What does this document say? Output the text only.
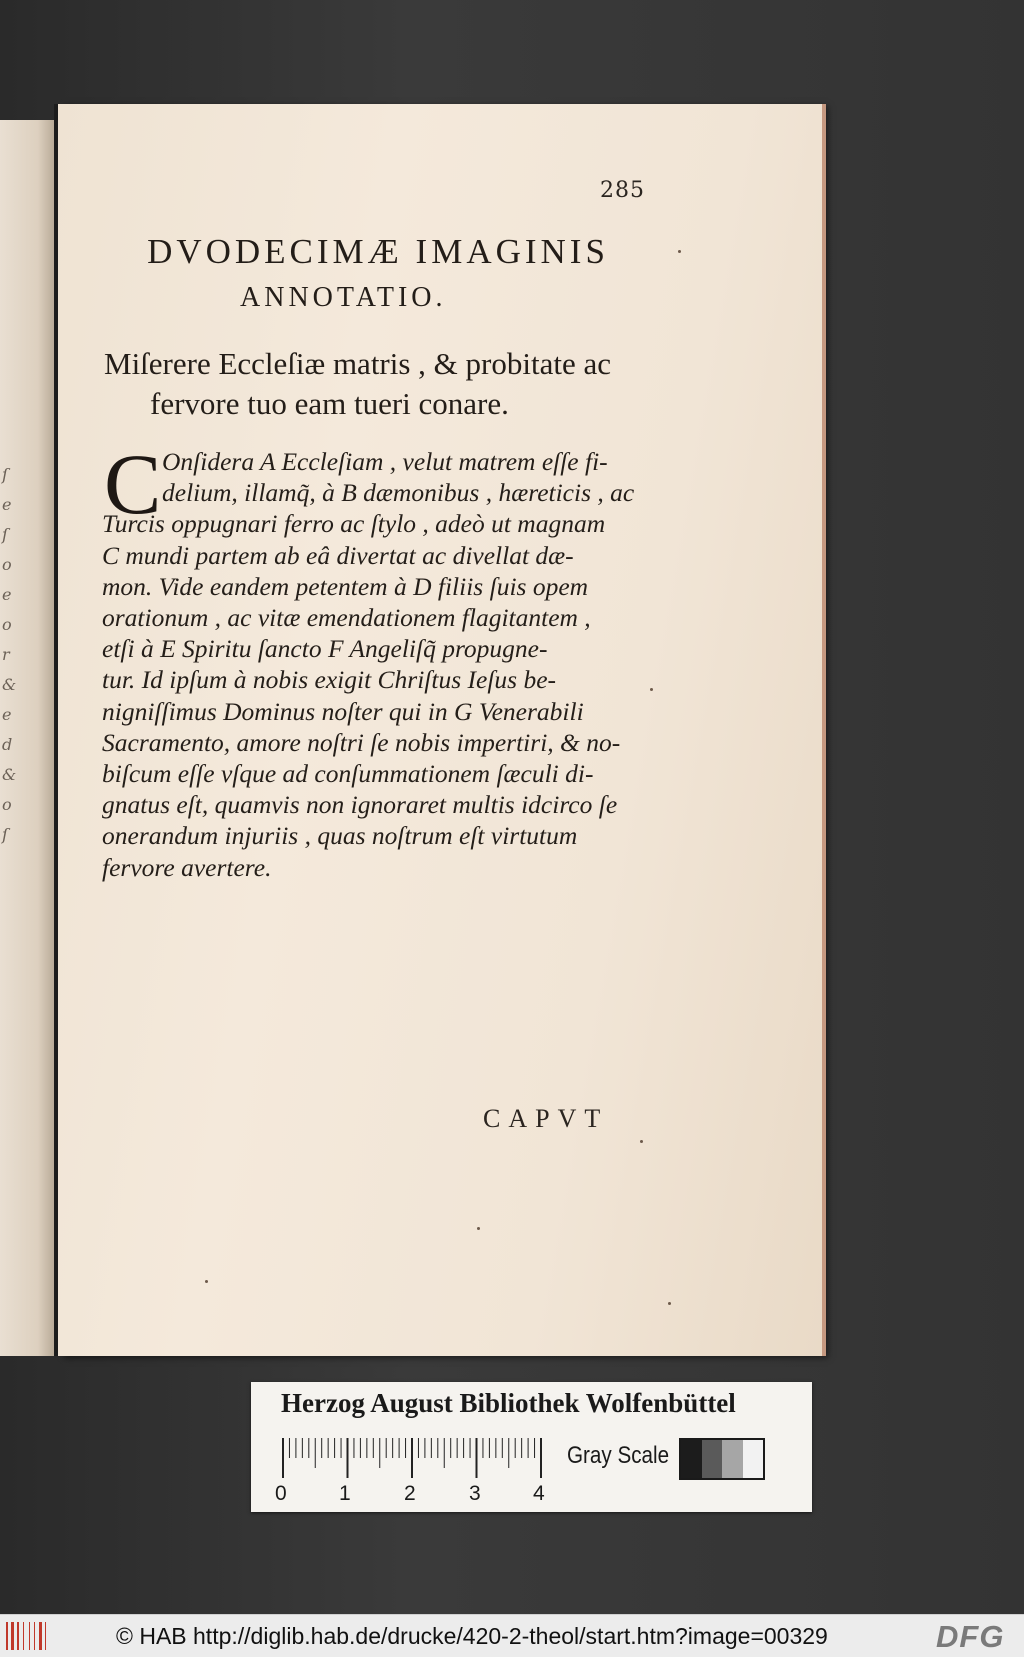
ſ
e
ſ
o
e
o
r
&
e
d
&
o
ſ
285
DVODECIMÆ IMAGINIS
ANNOTATIO.
Miſerere Eccleſiæ matris , & probitate ac
fervore tuo eam tueri conare.
C Onſidera A Eccleſiam , velut matrem eſſe fi-
delium, illamq̃, à B dæmonibus , hæreticis , ac
Turcis oppugnari ferro ac ſtylo , adeò ut magnam
C mundi partem ab eâ divertat ac divellat dæ-
mon. Vide eandem petentem à D filiis ſuis opem
orationum , ac vitæ emendationem flagitantem ,
etſi à E Spiritu ſancto F Angeliſq̃ propugne-
tur. Id ipſum à nobis exigit Chriſtus Ieſus be-
nigniſſimus Dominus noſter qui in G Venerabili
Sacramento, amore noſtri ſe nobis impertiri, & no-
biſcum eſſe vſque ad conſummationem ſæculi di-
gnatus eſt, quamvis non ignoraret multis idcirco ſe
onerandum injuriis , quas noſtrum eſt virtutum
fervore avertere.
CAPVT
Herzog August Bibliothek Wolfenbüttel
0 1	2	3 4
Gray Scale
© HAB http://diglib.hab.de/drucke/420-2-theol/start.htm?image=00329	DFG
